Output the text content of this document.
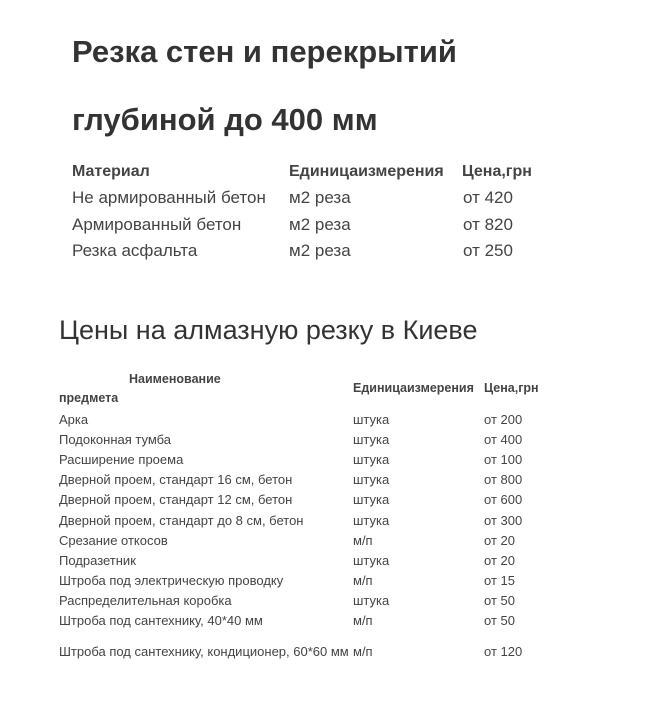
Резка стен и перекрытий
глубиной до 400 мм
Материал	Единицаизмерения	Цена,грн
Не армированный бетон	м2 реза	от 420
Армированный бетон	м2 реза	от 820
Резка асфальта	м2 реза	от 250
Цены на алмазную резку в Киеве
Наименование
предмета	Единицаизмерения	Цена,грн
Арка	штука	от 200
Подоконная тумба	штука	от 400
Расширение проема	штука	от 100
Дверной проем, стандарт 16 см, бетон	штука	от 800
Дверной проем, стандарт 12 см, бетон	штука	от 600
Дверной проем, стандарт до 8 см, бетон	штука	от 300
Срезание откосов	м/п	от 20
Подразетник	штука	от 20
Штроба под электрическую проводку	м/п	от 15
Распределительная коробка	штука	от 50
Штроба под сантехнику, 40*40 мм	м/п	от 50
Штроба под сантехнику, кондиционер, 60*60 мм	м/п	от 120
